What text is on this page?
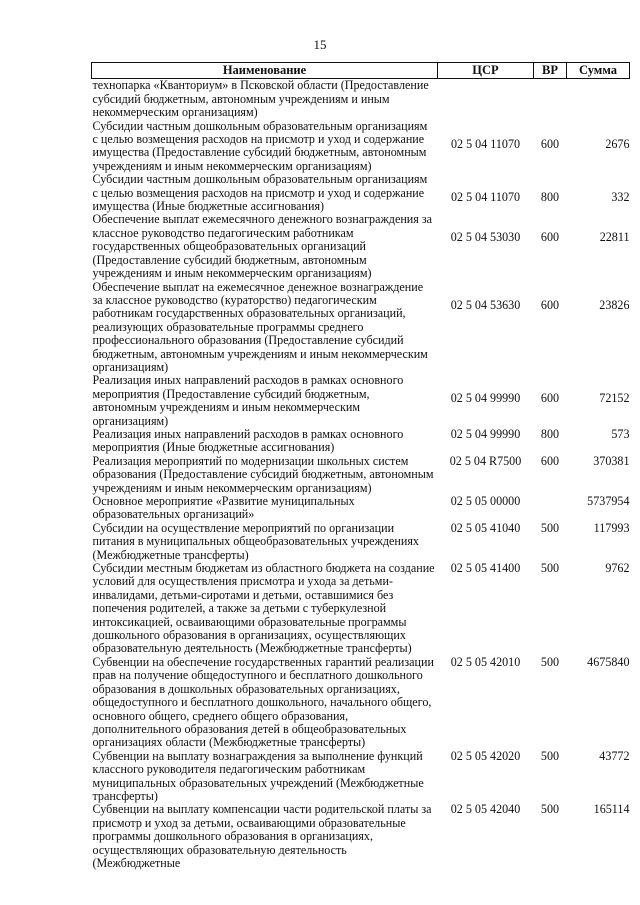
15
Наименование	ЦСР	ВР	Сумма
технопарка «Кванториум» в Псковской области (Предоставление субсидий бюджетным, автономным учреждениям и иным некоммерческим организациям)			
Субсидии частным дошкольным образовательным организациям с целью возмещения расходов на присмотр и уход и содержание имущества (Предоставление субсидий бюджетным, автономным учреждениям и иным некоммерческим организациям)	02 5 04 11070	600	2676
Субсидии частным дошкольным образовательным организациям с целью возмещения расходов на присмотр и уход и содержание имущества (Иные бюджетные ассигнования)	02 5 04 11070	800	332
Обеспечение выплат ежемесячного денежного вознаграждения за классное руководство педагогическим работникам государственных общеобразовательных организаций (Предоставление субсидий бюджетным, автономным учреждениям и иным некоммерческим организациям)	02 5 04 53030	600	22811
Обеспечение выплат на ежемесячное денежное вознаграждение за классное руководство (кураторство) педагогическим работникам государственных образовательных организаций, реализующих образовательные программы среднего профессионального образования (Предоставление субсидий бюджетным, автономным учреждениям и иным некоммерческим организациям)	02 5 04 53630	600	23826
Реализация иных направлений расходов в рамках основного мероприятия (Предоставление субсидий бюджетным, автономным учреждениям и иным некоммерческим организациям)	02 5 04 99990	600	72152
Реализация иных направлений расходов в рамках основного мероприятия (Иные бюджетные ассигнования)	02 5 04 99990	800	573
Реализация мероприятий по модернизации школьных систем образования (Предоставление субсидий бюджетным, автономным учреждениям и иным некоммерческим организациям)	02 5 04 R7500	600	370381
Основное мероприятие «Развитие муниципальных образовательных организаций»	02 5 05 00000		5737954
Субсидии на осуществление мероприятий по организации питания в муниципальных общеобразовательных учреждениях (Межбюджетные трансферты)	02 5 05 41040	500	117993
Субсидии местным бюджетам из областного бюджета на создание условий для осуществления присмотра и ухода за детьми-инвалидами, детьми-сиротами и детьми, оставшимися без попечения родителей, а также за детьми с туберкулезной интоксикацией, осваивающими образовательные программы дошкольного образования в организациях, осуществляющих образовательную деятельность (Межбюджетные трансферты)	02 5 05 41400	500	9762
Субвенции на обеспечение государственных гарантий реализации прав на получение общедоступного и бесплатного дошкольного образования в дошкольных образовательных организациях, общедоступного и бесплатного дошкольного, начального общего, основного общего, среднего общего образования, дополнительного образования детей в общеобразовательных организациях области (Межбюджетные трансферты)	02 5 05 42010	500	4675840
Субвенции на выплату вознаграждения за выполнение функций классного руководителя педагогическим работникам муниципальных образовательных учреждений (Межбюджетные трансферты)	02 5 05 42020	500	43772
Субвенции на выплату компенсации части родительской платы за присмотр и уход за детьми, осваивающими образовательные программы дошкольного образования в организациях, осуществляющих образовательную деятельность (Межбюджетные	02 5 05 42040	500	165114
